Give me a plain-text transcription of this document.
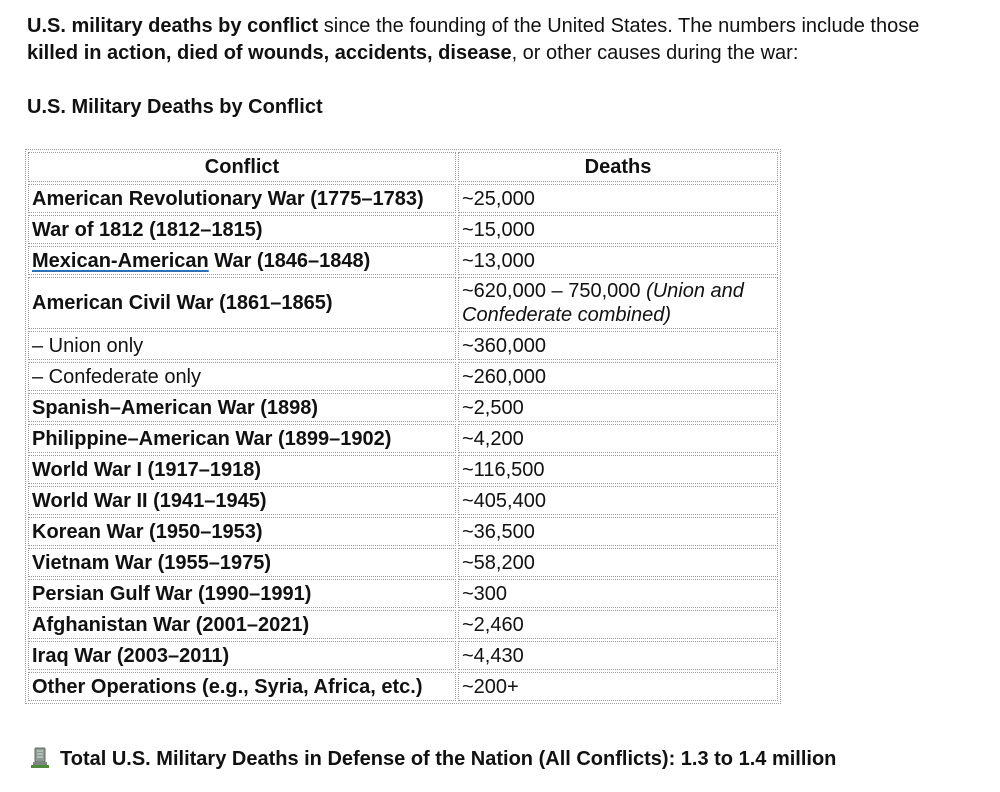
U.S. military deaths by conflict since the founding of the United States. The numbers include those
killed in action, died of wounds, accidents, disease, or other causes during the war:
U.S. Military Deaths by Conflict
Conflict	Deaths
American Revolutionary War (1775–1783)	~25,000
War of 1812 (1812–1815)	~15,000
Mexican-American War (1846–1848)	~13,000
American Civil War (1861–1865)	~620,000 – 750,000 (Union and Confederate combined)
– Union only	~360,000
– Confederate only	~260,000
Spanish–American War (1898)	~2,500
Philippine–American War (1899–1902)	~4,200
World War I (1917–1918)	~116,500
World War II (1941–1945)	~405,400
Korean War (1950–1953)	~36,500
Vietnam War (1955–1975)	~58,200
Persian Gulf War (1990–1991)	~300
Afghanistan War (2001–2021)	~2,460
Iraq War (2003–2011)	~4,430
Other Operations (e.g., Syria, Africa, etc.)	~200+
Total U.S. Military Deaths in Defense of the Nation (All Conflicts): 1.3 to 1.4 million
